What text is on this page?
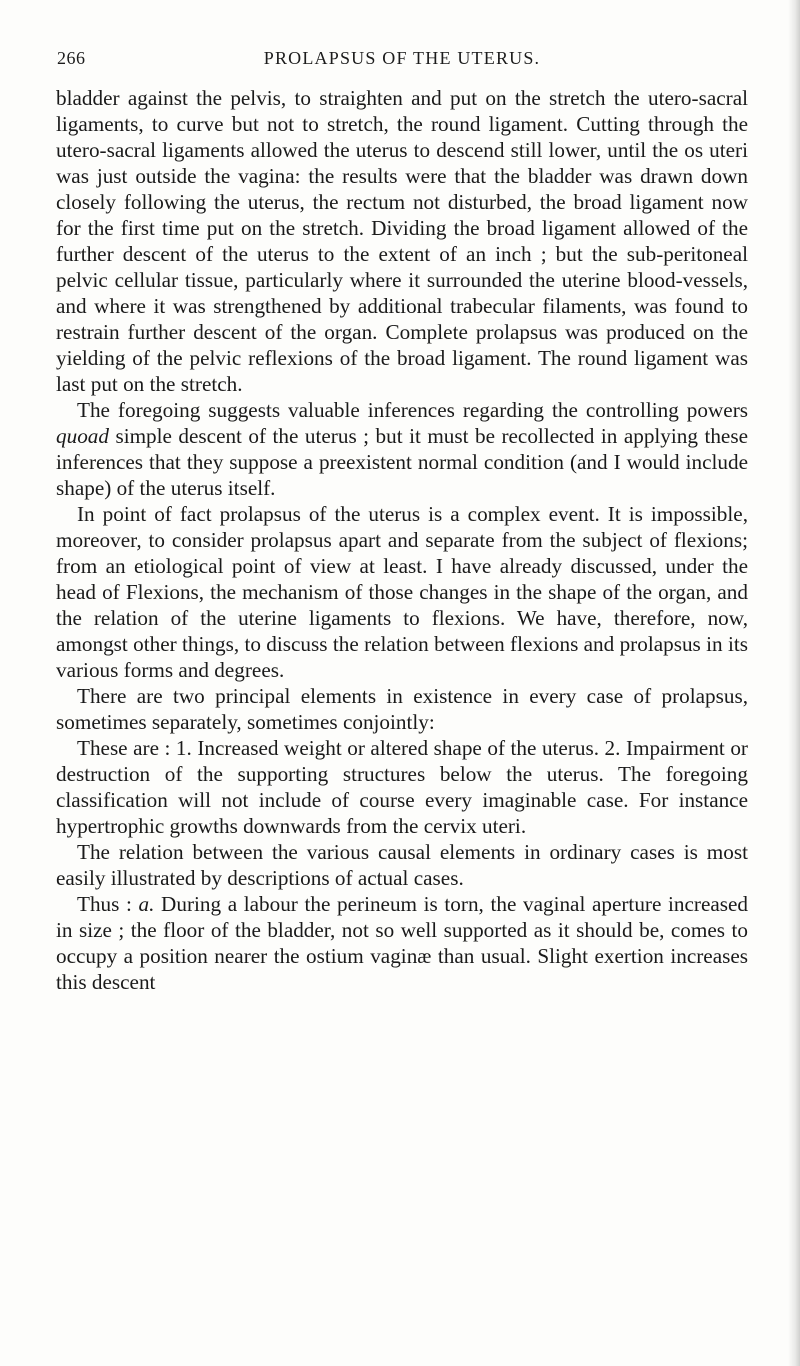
266	PROLAPSUS OF THE UTERUS.

bladder against the pelvis, to straighten and put on the stretch the utero-sacral ligaments, to curve but not to stretch, the round ligament. Cutting through the utero-sacral ligaments allowed the uterus to descend still lower, until the os uteri was just outside the vagina: the results were that the bladder was drawn down closely following the uterus, the rectum not disturbed, the broad ligament now for the first time put on the stretch. Dividing the broad ligament allowed of the further descent of the uterus to the extent of an inch ; but the sub-peritoneal pelvic cellular tissue, particularly where it surrounded the uterine blood-vessels, and where it was strengthened by additional trabecular filaments, was found to restrain further descent of the organ. Complete prolapsus was produced on the yielding of the pelvic reflexions of the broad ligament. The round ligament was last put on the stretch.

The foregoing suggests valuable inferences regarding the controlling powers quoad simple descent of the uterus ; but it must be recollected in applying these inferences that they suppose a preexistent normal condition (and I would include shape) of the uterus itself.

In point of fact prolapsus of the uterus is a complex event. It is impossible, moreover, to consider prolapsus apart and separate from the subject of flexions; from an etiological point of view at least. I have already discussed, under the head of Flexions, the mechanism of those changes in the shape of the organ, and the relation of the uterine ligaments to flexions. We have, therefore, now, amongst other things, to discuss the relation between flexions and prolapsus in its various forms and degrees.

There are two principal elements in existence in every case of prolapsus, sometimes separately, sometimes conjointly:

These are : 1. Increased weight or altered shape of the uterus. 2. Impairment or destruction of the supporting structures below the uterus. The foregoing classification will not include of course every imaginable case. For instance hypertrophic growths downwards from the cervix uteri.

The relation between the various causal elements in ordinary cases is most easily illustrated by descriptions of actual cases.

Thus : a. During a labour the perineum is torn, the vaginal aperture increased in size ; the floor of the bladder, not so well supported as it should be, comes to occupy a position nearer the ostium vaginæ than usual. Slight exertion increases this descent
